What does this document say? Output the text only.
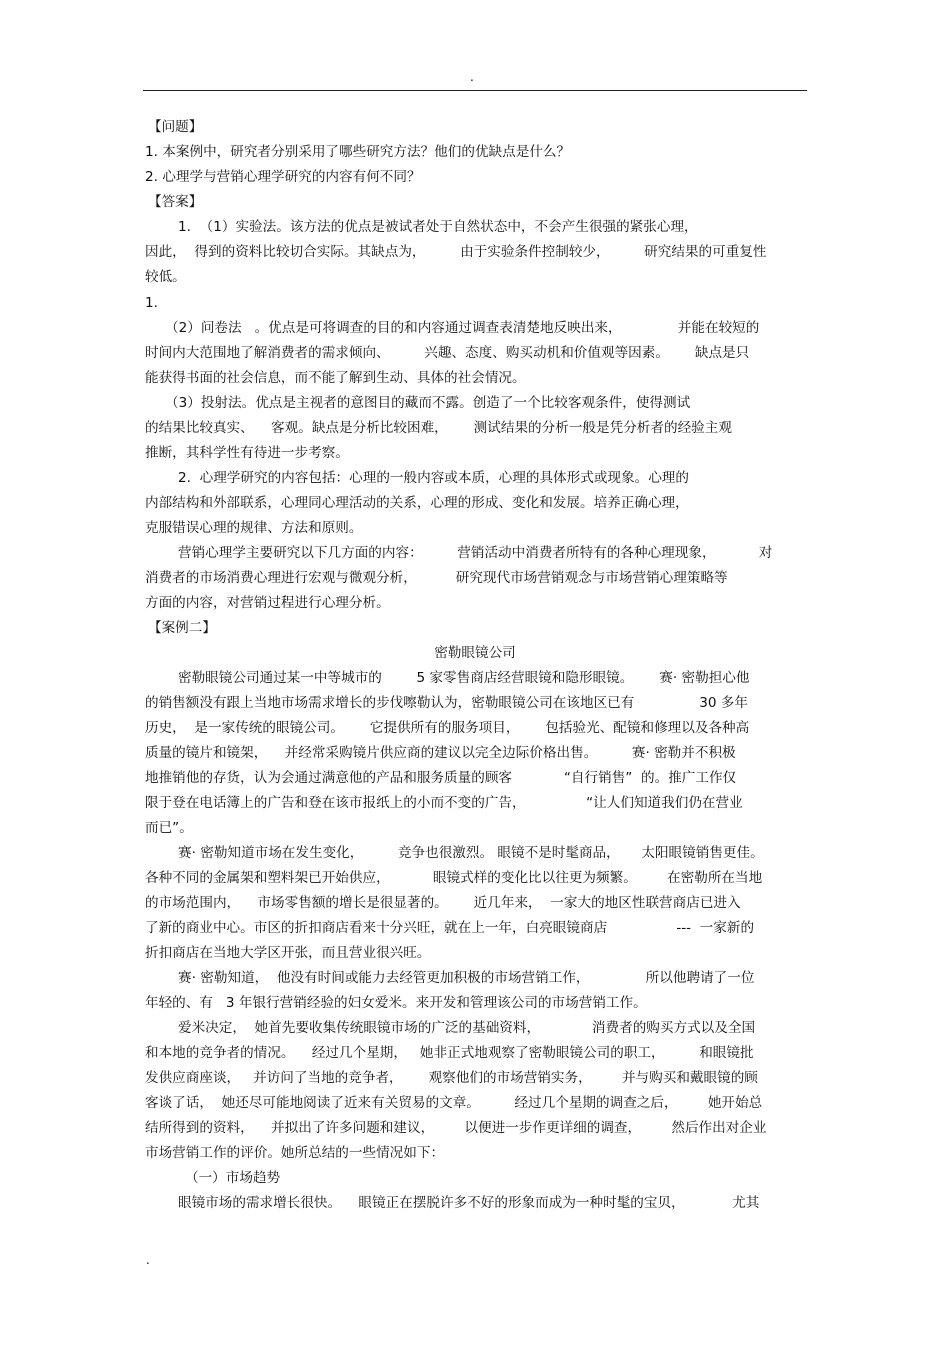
.
【问题】
1. 本案例中，研究者分别采用了哪些研究方法？他们的优缺点是什么？
2. 心理学与营销心理学研究的内容有何不同？
【答案】
1.  （1）实验法。该方法的优点是被试者处于自然状态中，不会产生很强的紧张心理，
因此，  得到的资料比较切合实际。其缺点为，        由于实验条件控制较少，        研究结果的可重复性
较低。
1.
（2）问卷法   。优点是可将调查的目的和内容通过调查表清楚地反映出来，             并能在较短的
时间内大范围地了解消费者的需求倾向、        兴趣、态度、购买动机和价值观等因素。      缺点是只
能获得书面的社会信息，而不能了解到生动、具体的社会情况。
（3）投射法。优点是主视者的意图目的藏而不露。创造了一个比较客观条件，使得测试
的结果比较真实、    客观。缺点是分析比较困难，      测试结果的分析一般是凭分析者的经验主观
推断，其科学性有待进一步考察。
2.  心理学研究的内容包括：心理的一般内容或本质，心理的具体形式或现象。心理的
内部结构和外部联系，心理同心理活动的关系，心理的形成、变化和发展。培养正确心理，
克服错误心理的规律、方法和原则。
营销心理学主要研究以下几方面的内容：        营销活动中消费者所特有的各种心理现象，          对
消费者的市场消费心理进行宏观与微观分析，         研究现代市场营销观念与市场营销心理策略等
方面的内容，对营销过程进行心理分析。
【案例二】
密勒眼镜公司
密勒眼镜公司通过某一中等城市的        5 家零售商店经营眼镜和隐形眼镜。      赛· 密勒担心他
的销售额没有跟上当地市场需求增长的步伐嚓勒认为，密勒眼镜公司在该地区已有               30 多年
历史，  是一家传统的眼镜公司。      它提供所有的服务项目，      包括验光、配镜和修理以及各种高
质量的镜片和镜架，    并经常采购镜片供应商的建议以完全边际价格出售。        赛· 密勒并不积极
地推销他的存货，认为会通过满意他的产品和服务质量的顾客            “自行销售”  的。推广工作仅
限于登在电话簿上的广告和登在该市报纸上的小而不变的广告，              “让人们知道我们仍在营业
而已”。
赛· 密勒知道市场在发生变化，        竞争也很激烈。 眼镜不是时髦商品，     太阳眼镜销售更佳。
各种不同的金属架和塑料架已开始供应，          眼镜式样的变化比以往更为频繁。       在密勒所在当地
的市场范围内，    市场零售额的增长是很显著的。      近几年来，  一家大的地区性联营商店已进入
了新的商业中心。市区的折扣商店看来十分兴旺，就在上一年，白亮眼镜商店                ---  一家新的
折扣商店在当地大学区开张，而且营业很兴旺。
赛· 密勒知道，  他没有时间或能力去经管更加积极的市场营销工作，             所以他聘请了一位
年轻的、有   3 年银行营销经验的妇女爱米。来开发和管理该公司的市场营销工作。
爱米决定，  她首先要收集传统眼镜市场的广泛的基础资料，            消费者的购买方式以及全国
和本地的竞争者的情况。    经过几个星期，   她非正式地观察了密勒眼镜公司的职工，        和眼镜批
发供应商座谈，   并访问了当地的竞争者，      观察他们的市场营销实务，       并与购买和戴眼镜的顾
客谈了话，  她还尽可能地阅读了近来有关贸易的文章。        经过几个星期的调查之后，       她开始总
结所得到的资料，    并拟出了许多问题和建议，       以便进一步作更详细的调查，       然后作出对企业
市场营销工作的评价。她所总结的一些情况如下：
（一）市场趋势
眼镜市场的需求增长很快。    眼镜正在摆脱许多不好的形象而成为一种时髦的宝贝，           尤其
.
